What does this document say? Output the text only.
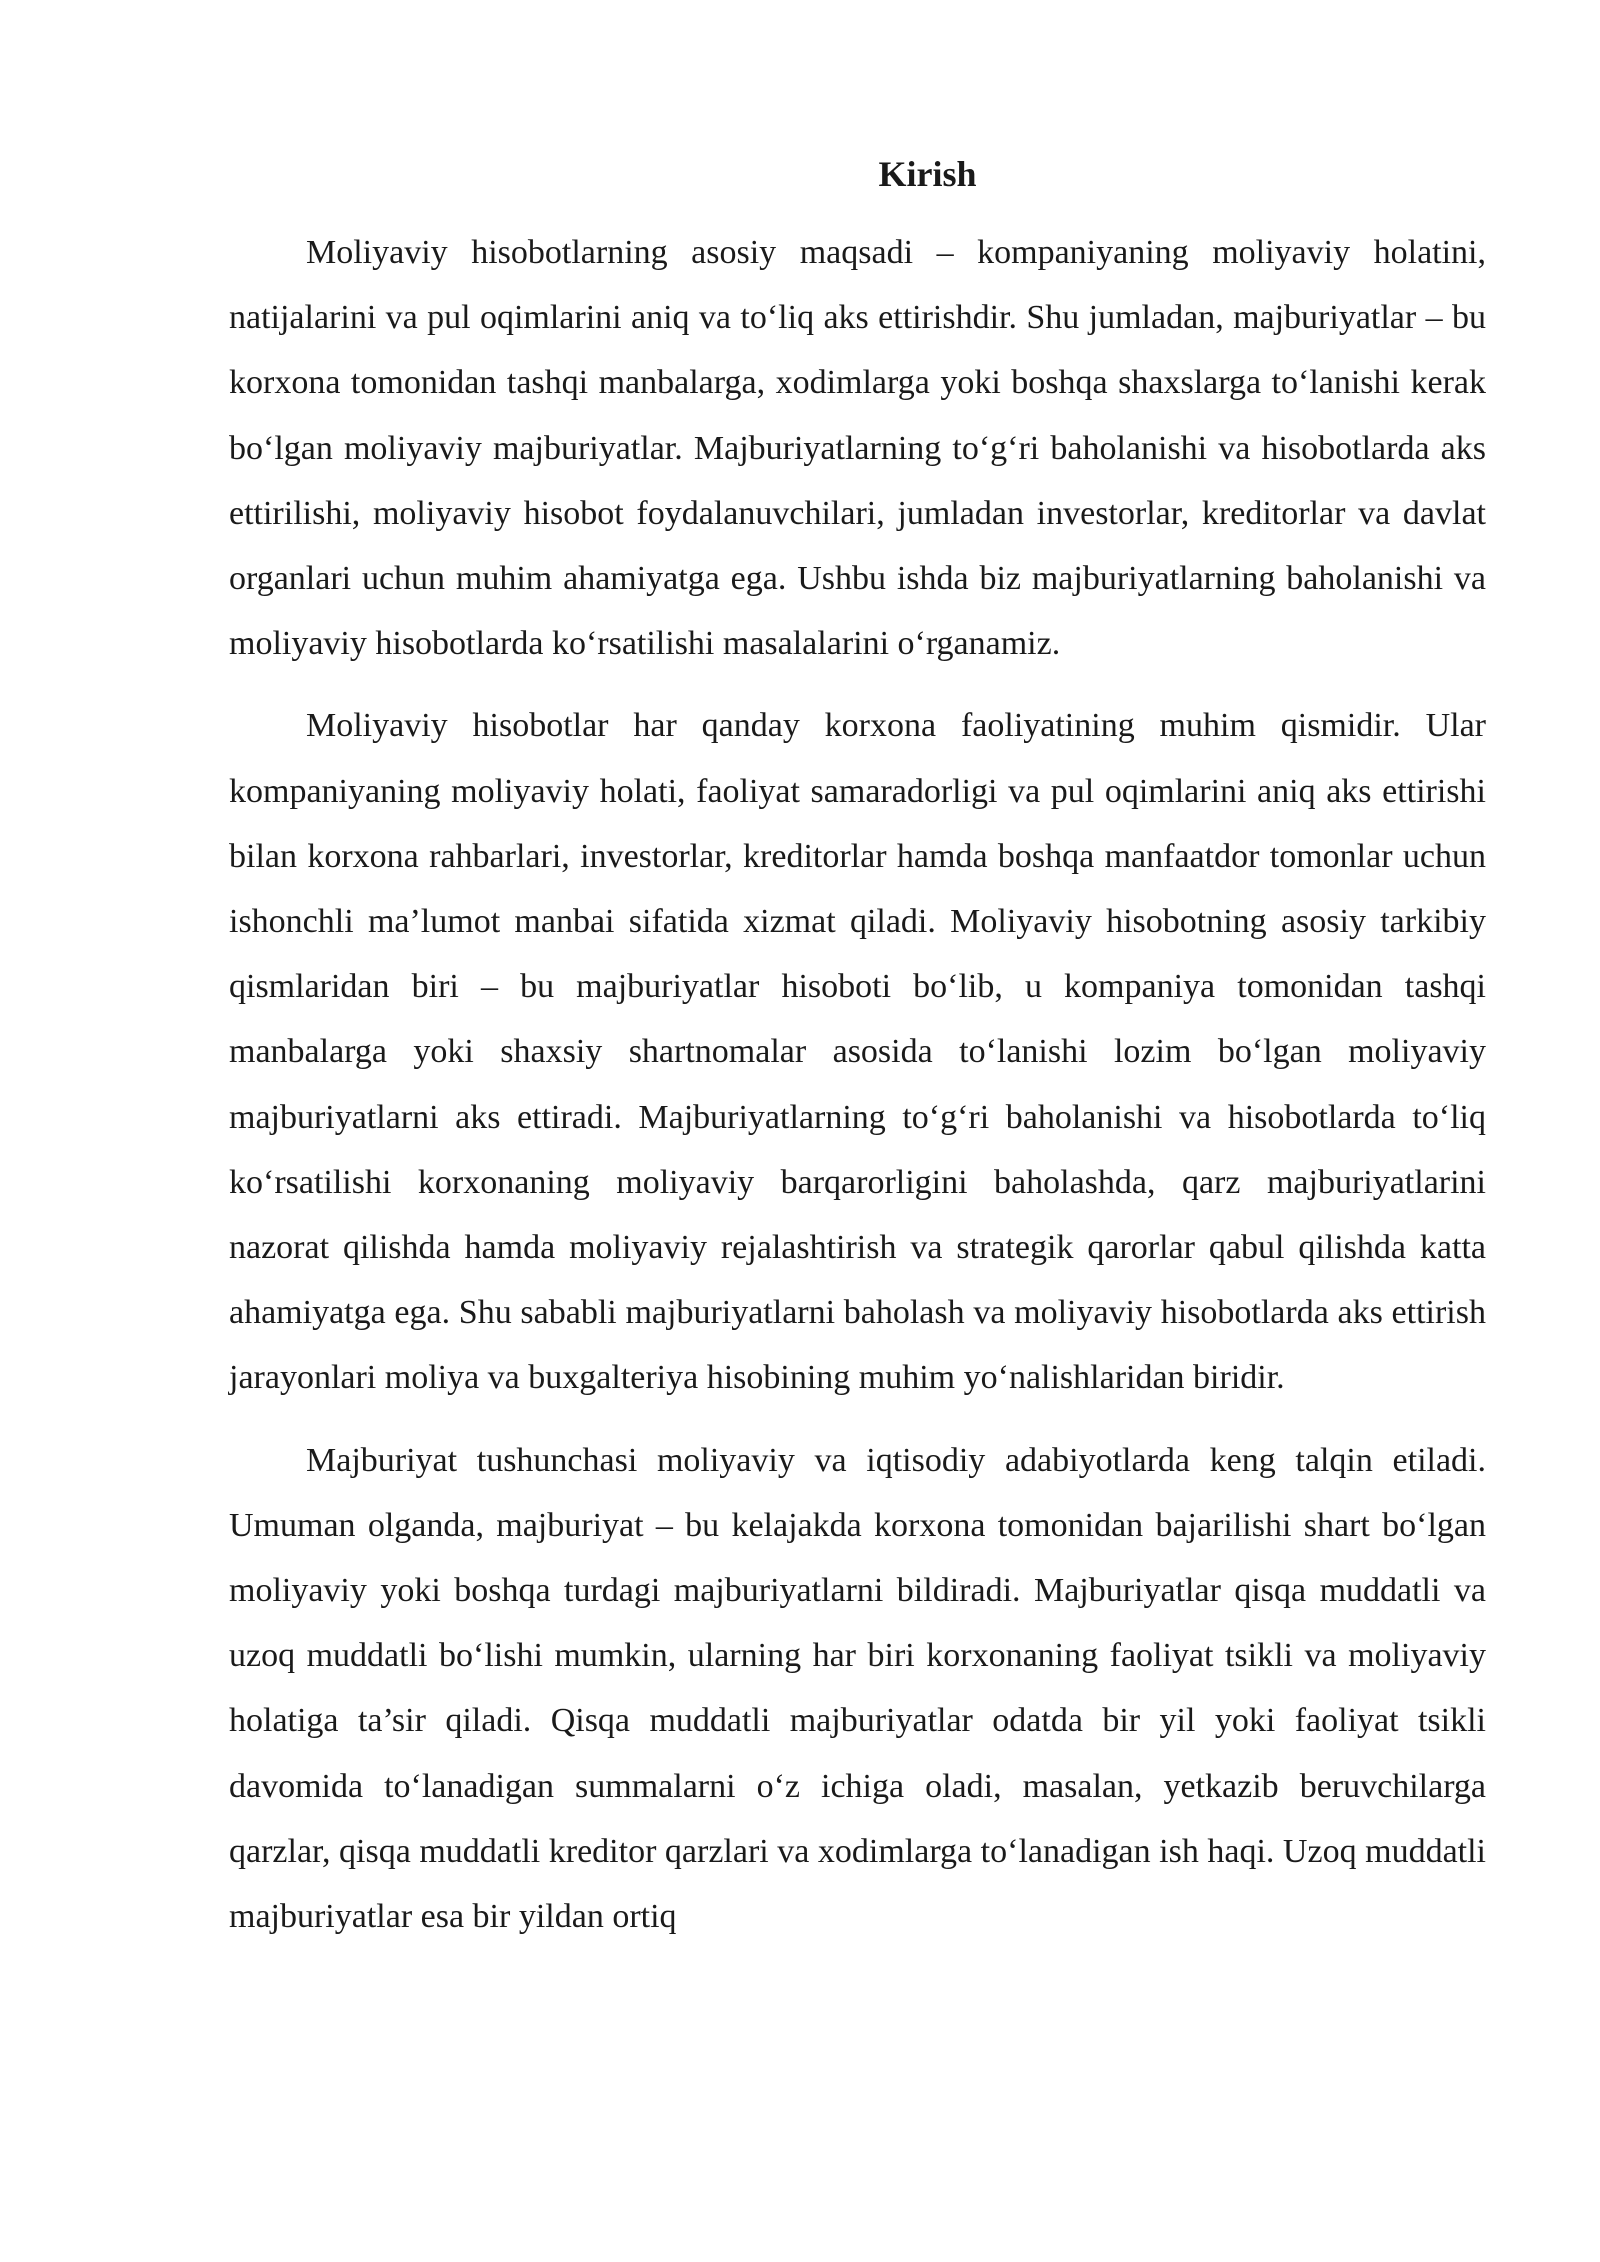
Kirish

Moliyaviy hisobotlarning asosiy maqsadi – kompaniyaning moliyaviy holatini, natijalarini va pul oqimlarini aniq va to‘liq aks ettirishdir. Shu jumladan, majburiyatlar – bu korxona tomonidan tashqi manbalarga, xodimlarga yoki boshqa shaxslarga to‘lanishi kerak bo‘lgan moliyaviy majburiyatlar. Majburiyatlarning to‘g‘ri baholanishi va hisobotlarda aks ettirilishi, moliyaviy hisobot foydalanuvchilari, jumladan investorlar, kreditorlar va davlat organlari uchun muhim ahamiyatga ega. Ushbu ishda biz majburiyatlarning baholanishi va moliyaviy hisobotlarda ko‘rsatilishi masalalarini o‘rganamiz.

Moliyaviy hisobotlar har qanday korxona faoliyatining muhim qismidir. Ular kompaniyaning moliyaviy holati, faoliyat samaradorligi va pul oqimlarini aniq aks ettirishi bilan korxona rahbarlari, investorlar, kreditorlar hamda boshqa manfaatdor tomonlar uchun ishonchli ma’lumot manbai sifatida xizmat qiladi. Moliyaviy hisobotning asosiy tarkibiy qismlaridan biri – bu majburiyatlar hisoboti bo‘lib, u kompaniya tomonidan tashqi manbalarga yoki shaxsiy shartnomalar asosida to‘lanishi lozim bo‘lgan moliyaviy majburiyatlarni aks ettiradi. Majburiyatlarning to‘g‘ri baholanishi va hisobotlarda to‘liq ko‘rsatilishi korxonaning moliyaviy barqarorligini baholashda, qarz majburiyatlarini nazorat qilishda hamda moliyaviy rejalashtirish va strategik qarorlar qabul qilishda katta ahamiyatga ega. Shu sababli majburiyatlarni baholash va moliyaviy hisobotlarda aks ettirish jarayonlari moliya va buxgalteriya hisobining muhim yo‘nalishlaridan biridir.

Majburiyat tushunchasi moliyaviy va iqtisodiy adabiyotlarda keng talqin etiladi. Umuman olganda, majburiyat – bu kelajakda korxona tomonidan bajarilishi shart bo‘lgan moliyaviy yoki boshqa turdagi majburiyatlarni bildiradi. Majburiyatlar qisqa muddatli va uzoq muddatli bo‘lishi mumkin, ularning har biri korxonaning faoliyat tsikli va moliyaviy holatiga ta’sir qiladi. Qisqa muddatli majburiyatlar odatda bir yil yoki faoliyat tsikli davomida to‘lanadigan summalarni o‘z ichiga oladi, masalan, yetkazib beruvchilarga qarzlar, qisqa muddatli kreditor qarzlari va xodimlarga to‘lanadigan ish haqi. Uzoq muddatli majburiyatlar esa bir yildan ortiq
